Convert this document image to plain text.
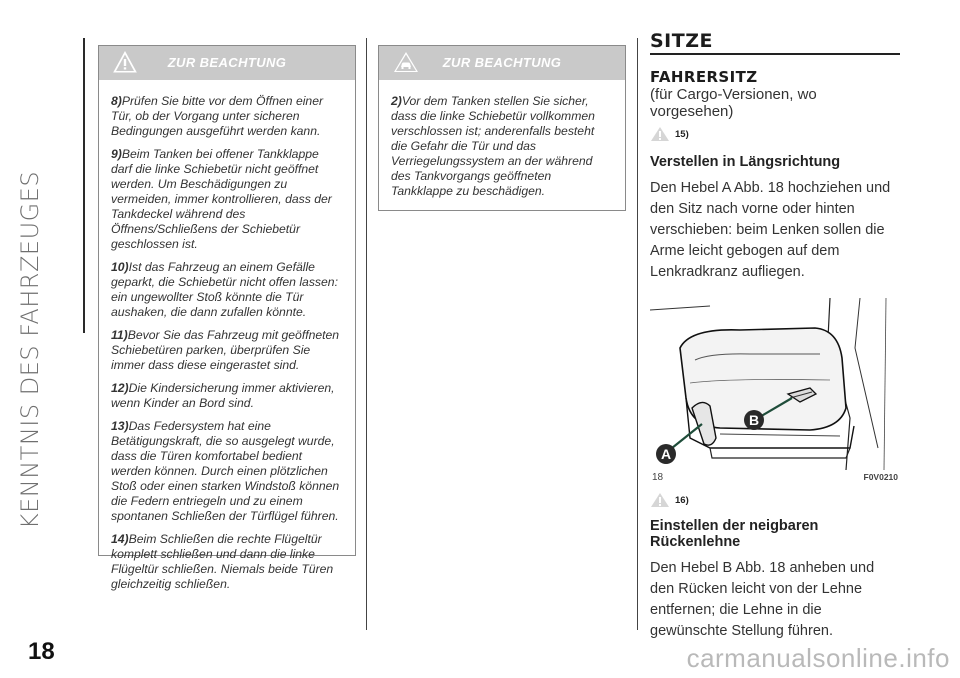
KENNTNIS DES FAHRZEUGES
18
ZUR BEACHTUNG

8)Prüfen Sie bitte vor dem Öffnen einer Tür, ob der Vorgang unter sicheren Bedingungen ausgeführt werden kann.

9)Beim Tanken bei offener Tankklappe darf die linke Schiebetür nicht geöffnet werden. Um Beschädigungen zu vermeiden, immer kontrollieren, dass der Tankdeckel während des Öffnens/Schließens der Schiebetür geschlossen ist.

10)Ist das Fahrzeug an einem Gefälle geparkt, die Schiebetür nicht offen lassen: ein ungewollter Stoß könnte die Tür aushaken, die dann zufallen könnte.

11)Bevor Sie das Fahrzeug mit geöffneten Schiebetüren parken, überprüfen Sie immer dass diese eingerastet sind.

12)Die Kindersicherung immer aktivieren, wenn Kinder an Bord sind.

13)Das Federsystem hat eine Betätigungskraft, die so ausgelegt wurde, dass die Türen komfortabel bedient werden können. Durch einen plötzlichen Stoß oder einen starken Windstoß können die Federn entriegeln und zu einem spontanen Schließen der Türflügel führen.

14)Beim Schließen die rechte Flügeltür komplett schließen und dann die linke Flügeltür schließen. Niemals beide Türen gleichzeitig schließen.

ZUR BEACHTUNG

2)Vor dem Tanken stellen Sie sicher, dass die linke Schiebetür vollkommen verschlossen ist; anderenfalls besteht die Gefahr die Tür und das Verriegelungssystem an der während des Tankvorgangs geöffneten Tankklappe zu beschädigen.

SITZE
FAHRERSITZ
(für Cargo-Versionen, wo vorgesehen)
15)
Verstellen in Längsrichtung
Den Hebel A Abb. 18 hochziehen und den Sitz nach vorne oder hinten verschieben: beim Lenken sollen die Arme leicht gebogen auf dem Lenkradkranz aufliegen.
A
B
18	F0V0210
16)
Einstellen der neigbaren Rückenlehne
Den Hebel B Abb. 18 anheben und den Rücken leicht von der Lehne entfernen; die Lehne in die gewünschte Stellung führen.
carmanualsonline.info
